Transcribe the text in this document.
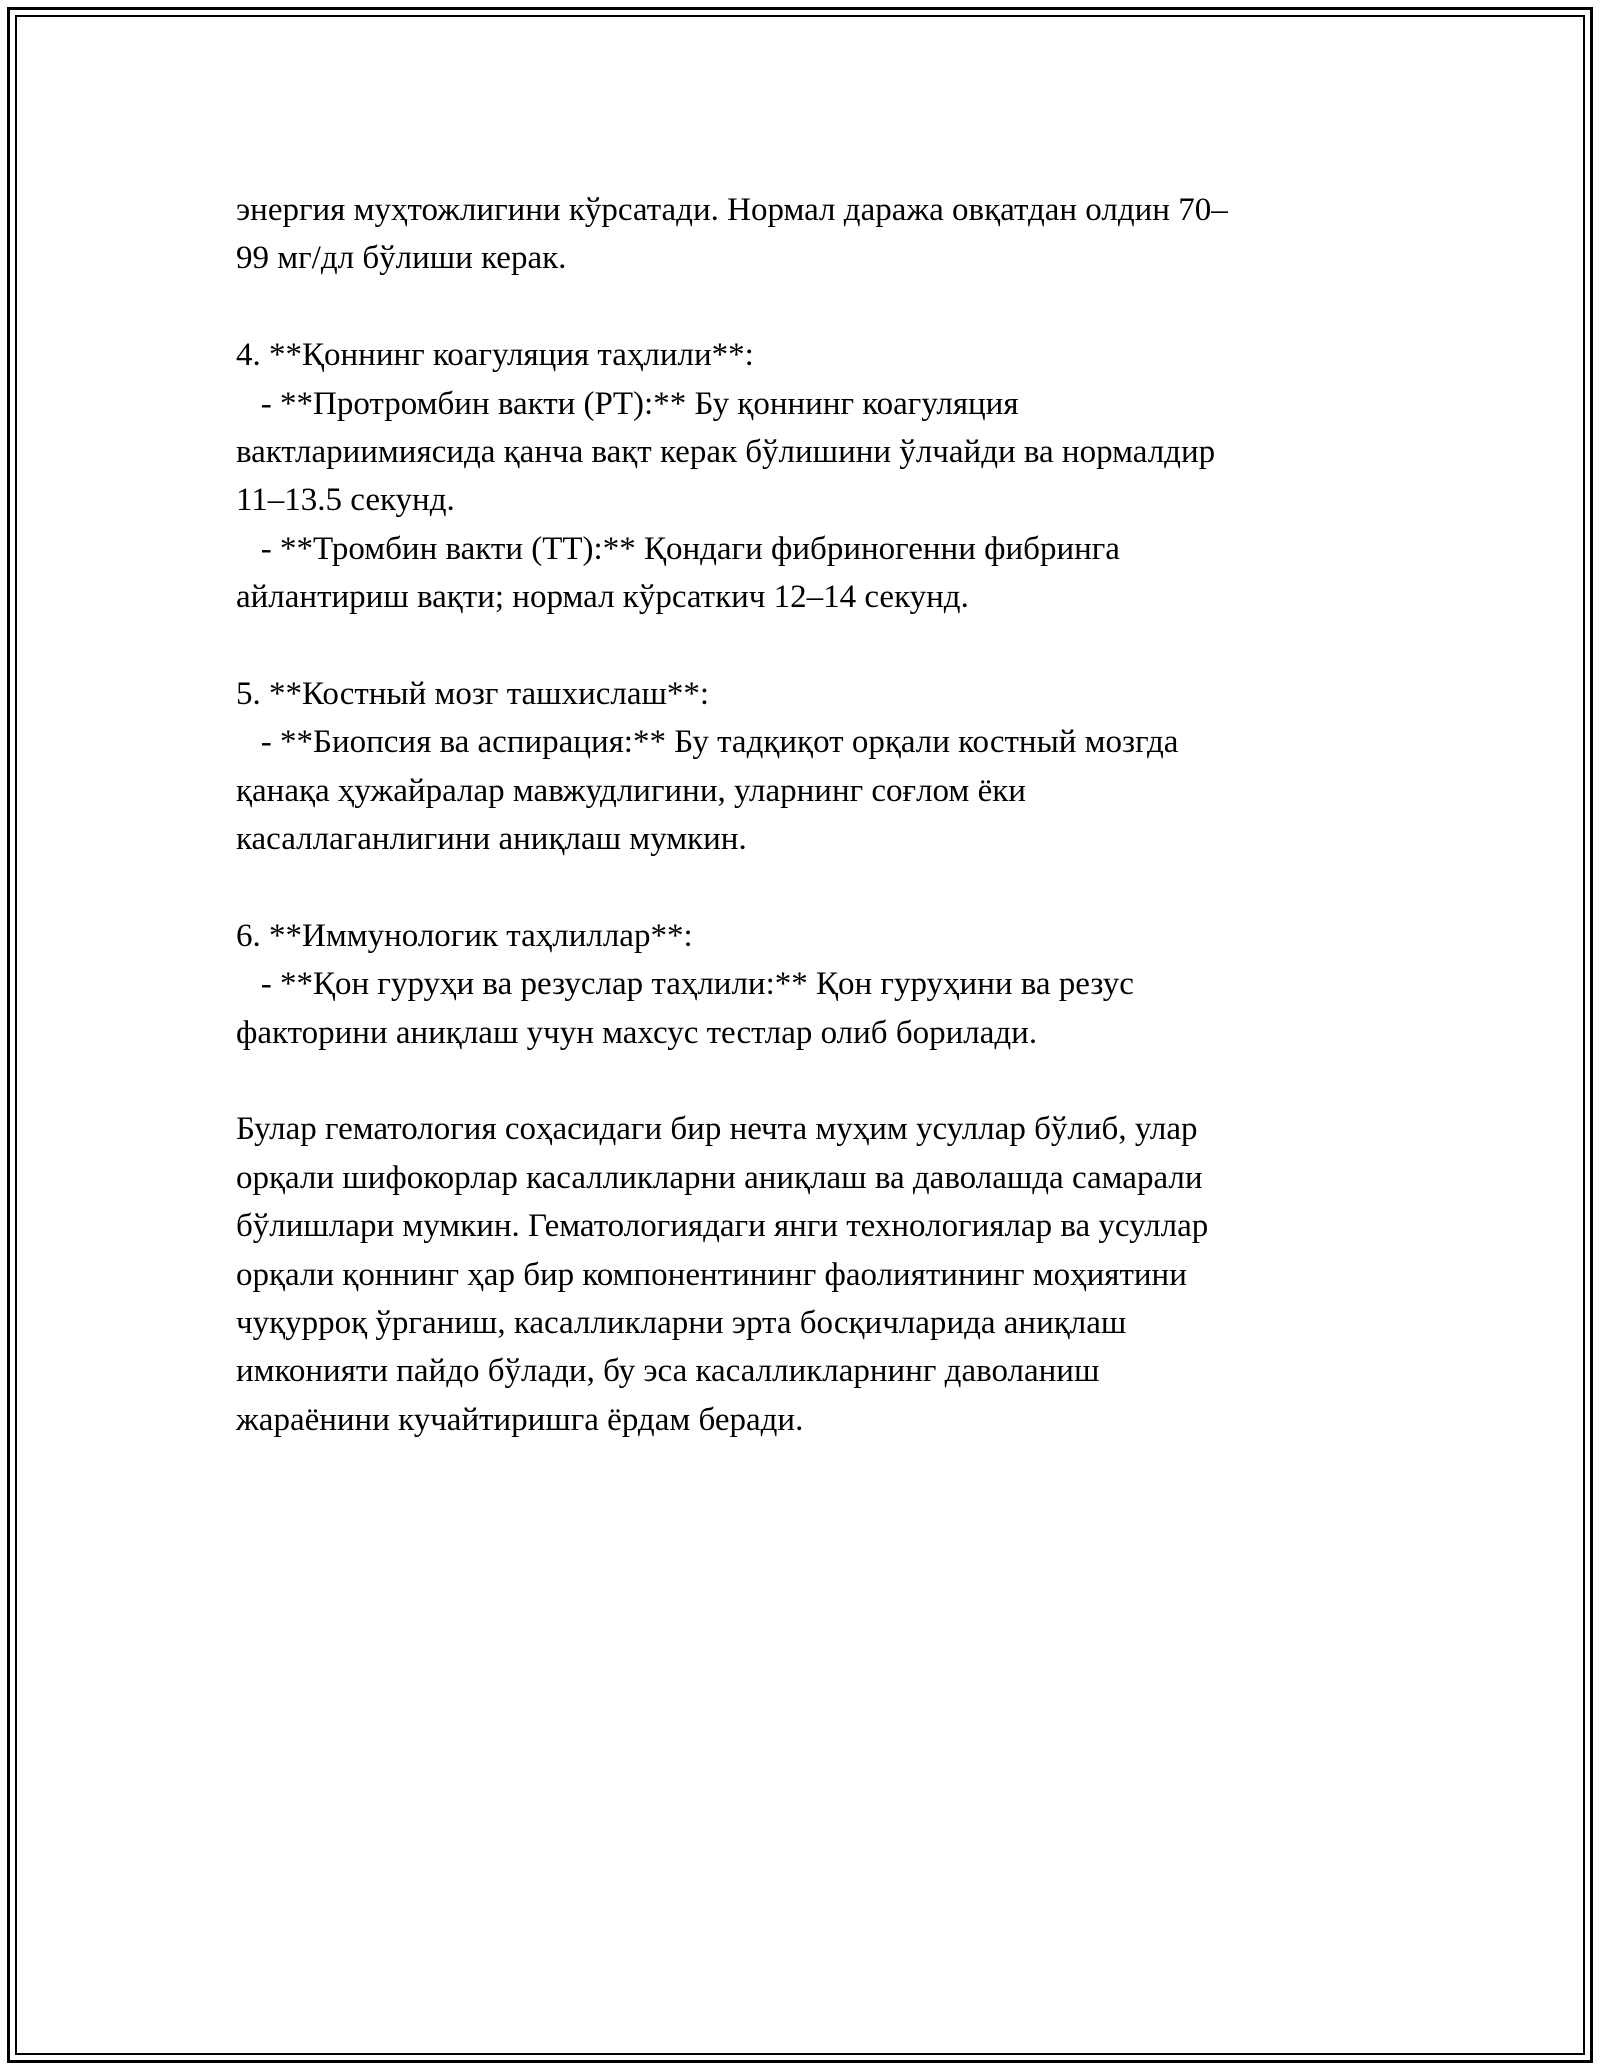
энергия муҳтожлигини кўрсатади. Нормал даража овқатдан олдин 70–

99 мг/дл бўлиши керак.

4. **Қоннинг коагуляция таҳлили**:

- **Протромбин вакти (PT):** Бу қоннинг коагуляция

вактлариимиясида қанча вақт керак бўлишини ўлчайди ва нормалдир

11–13.5 секунд.

- **Тромбин вакти (TT):** Қондаги фибриногенни фибринга

айлантириш вақти; нормал кўрсаткич 12–14 секунд.

5. **Костный мозг ташхислаш**:

- **Биопсия ва аспирация:** Бу тадқиқот орқали костный мозгда

қанақа ҳужайралар мавжудлигини, уларнинг соғлом ёки

касаллаганлигини аниқлаш мумкин.

6. **Иммунологик таҳлиллар**:

- **Қон гуруҳи ва резуслар таҳлили:** Қон гуруҳини ва резус

факторини аниқлаш учун махсус тестлар олиб борилади.

Булар гематология соҳасидаги бир нечта муҳим усуллар бўлиб, улар

орқали шифокорлар касалликларни аниқлаш ва даволашда самарали

бўлишлари мумкин. Гематологиядаги янги технологиялар ва усуллар

орқали қоннинг ҳар бир компонентининг фаолиятининг моҳиятини

чуқурроқ ўрганиш, касалликларни эрта босқичларида аниқлаш

имконияти пайдо бўлади, бу эса касалликларнинг даволаниш

жараёнини кучайтиришга ёрдам беради.
